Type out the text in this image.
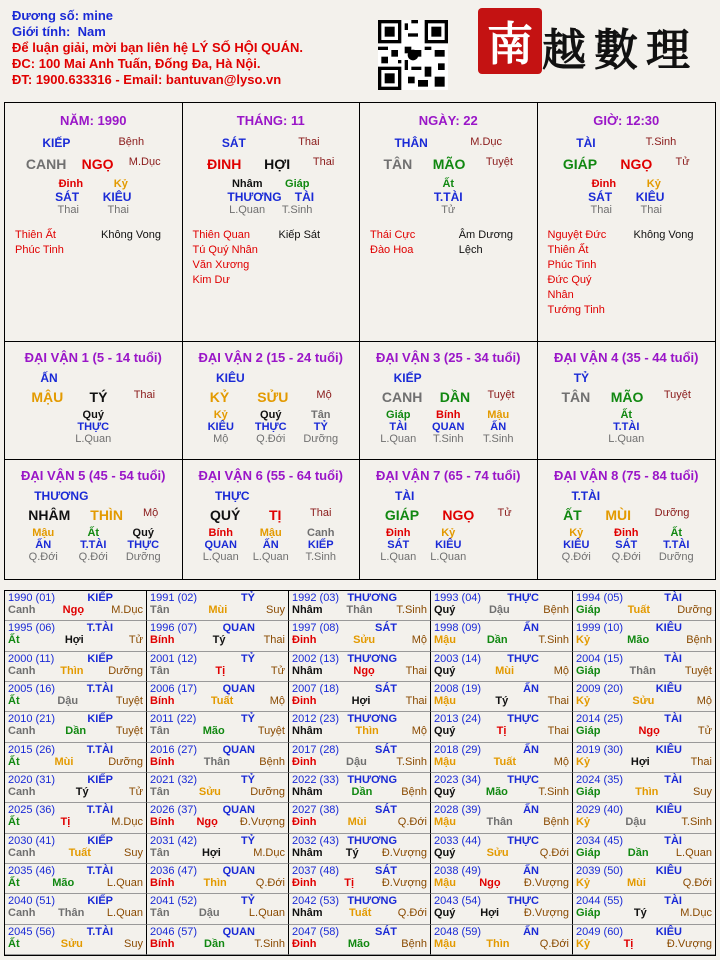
Đương số: mine
Giới tính: Nam
Để luận giải, mời bạn liên hệ LÝ SỐ HỘI QUÁN.
ĐC: 100 Mai Anh Tuấn, Đống Đa, Hà Nội.
ĐT: 1900.633316 - Email: bantuvan@lyso.vn
南 越數理
NĂM: 1990
KIẾP	Bệnh
CANH NGỌ M.Dục
Đinh	Kỷ
SÁT KIÊU
Thai	Thai
Thiên Ất
Phúc Tinh
Không Vong
THÁNG: 11
SÁT	Thai
ĐINH HỢI Thai
Nhâm Giáp
THƯƠNG TÀI
L.Quan T.Sinh
Thiên Quan
Tú Quý Nhân
Văn Xương
Kim Dư
Kiếp Sát
NGÀY: 22
THÂN	M.Dục
TÂN MÃO Tuyệt
Ất
T.TÀI
Tử
Thái Cực
Đào Hoa
Âm Dương Lệch
GIỜ: 12:30
TÀI	T.Sinh
GIÁP NGỌ Tử
Đinh	Kỷ
SÁT KIÊU
Thai	Thai
Nguyệt Đức
Thiên Ất
Phúc Tinh
Đức Quý Nhân
Tướng Tinh
Không Vong
ĐẠI VẬN 1 (5 - 14 tuổi)
ẤN
MẬU TÝ Thai
Quý
THỰC
L.Quan
ĐẠI VẬN 2 (15 - 24 tuổi)
KIÊU
KỶ SỬU	Mộ
Kỷ	Quý	Tân
KIÊU	THỰC	TỶ
Mộ	Q.Đới	Dưỡng
ĐẠI VẬN 3 (25 - 34 tuổi)
KIẾP
CANH DẦN Tuyệt
Giáp	Bính	Mậu
TÀI	QUAN	ẤN
L.Quan	T.Sinh	T.Sinh
ĐẠI VẬN 4 (35 - 44 tuổi)
TỶ
TÂN MÃO Tuyệt
Ất
T.TÀI
L.Quan
ĐẠI VẬN 5 (45 - 54 tuổi)
THƯƠNG
NHÂM THÌN Mộ
Mậu	Ất	Quý
ẤN	T.TÀI	THỰC
Q.Đới	Q.Đới	Dưỡng
ĐẠI VẬN 6 (55 - 64 tuổi)
THỰC
QUÝ TỊ	Thai
Bính	Mậu	Canh
QUAN	ẤN	KIẾP
L.Quan L.Quan	T.Sinh
ĐẠI VẬN 7 (65 - 74 tuổi)
TÀI
GIÁP NGỌ Tử
Đinh	Kỷ
SÁT	KIÊU
L.Quan L.Quan
ĐẠI VẬN 8 (75 - 84 tuổi)
T.TÀI
ẤT MÙI Dưỡng
Kỷ	Đinh	Ất
KIÊU	SÁT	T.TÀI
Q.Đới	Q.Đới	Dưỡng
1990 (01)	KIẾP
Canh Ngọ M.Dục
1991 (02)	TỶ
Tân	Mùi	Suy
1992 (03) THƯƠNG
Nhâm Thân T.Sinh
1993 (04) THỰC
Quý	Dậu	Bệnh
1994 (05)	TÀI
Giáp Tuất Dưỡng
1995 (06)	T.TÀI
Ất	Hợi	Tử
1996 (07) QUAN
Bính	Tý	Thai
1997 (08)	SÁT
Đinh	Sửu	Mộ
1998 (09)	ẤN
Mậu	Dần	T.Sinh
1999 (10)	KIÊU
Kỷ	Mão	Bệnh
2000 (11)	KIẾP
Canh Thìn Dưỡng
2001 (12)	TỶ
Tân	Tị	Tử
2002 (13) THƯƠNG
Nhâm	Ngọ	Thai
2003 (14) THỰC
Quý	Mùi	Mộ
2004 (15)	TÀI
Giáp	Thân	Tuyệt
2005 (16)	T.TÀI
Ất	Dậu	Tuyệt
2006 (17) QUAN
Bính	Tuất	Mộ
2007 (18)	SÁT
Đinh	Hợi	Thai
2008 (19)	ẤN
Mậu	Tý	Thai
2009 (20)	KIÊU
Kỷ	Sửu	Mộ
2010 (21)	KIẾP
Canh	Dần	Tuyệt
2011 (22)	TỶ
Tân	Mão	Tuyệt
2012 (23) THƯƠNG
Nhâm	Thìn	Mộ
2013 (24) THỰC
Quý	Tị	Thai
2014 (25)	TÀI
Giáp	Ngọ	Tử
2015 (26)	T.TÀI
Ất	Mùi	Dưỡng
2016 (27) QUAN
Bính	Thân	Bệnh
2017 (28)	SÁT
Đinh	Dậu	T.Sinh
2018 (29)	ẤN
Mậu	Tuất	Mộ
2019 (30)	KIÊU
Kỷ	Hợi	Thai
2020 (31)	KIẾP
Canh	Tý	Tử
2021 (32)	TỶ
Tân	Sửu	Dưỡng
2022 (33) THƯƠNG
Nhâm	Dần	Bệnh
2023 (34) THỰC
Quý	Mão	T.Sinh
2024 (35)	TÀI
Giáp	Thìn	Suy
2025 (36)	T.TÀI
Ất	Tị	M.Dục
2026 (37) QUAN
Bính Ngọ Đ.Vượng
2027 (38)	SÁT
Đinh	Mùi	Q.Đới
2028 (39)	ẤN
Mậu	Thân	Bệnh
2029 (40)	KIÊU
Kỷ	Dậu	T.Sinh
2030 (41)	KIẾP
Canh	Tuất	Suy
2031 (42)	TỶ
Tân	Hợi	M.Dục
2032 (43) THƯƠNG
Nhâm Tý Đ.Vượng
2033 (44) THỰC
Quý	Sửu	Q.Đới
2034 (45)	TÀI
Giáp Dần L.Quan
2035 (46)	T.TÀI
Ất	Mão	L.Quan
2036 (47) QUAN
Bính	Thìn	Q.Đới
2037 (48)	SÁT
Đinh	Tị	Đ.Vượng
2038 (49)	ẤN
Mậu Ngọ Đ.Vượng
2039 (50)	KIÊU
Kỷ	Mùi	Q.Đới
2040 (51)	KIẾP
Canh Thân L.Quan
2041 (52)	TỶ
Tân	Dậu	L.Quan
2042 (53) THƯƠNG
Nhâm Tuất Q.Đới
2043 (54) THỰC
Quý Hợi Đ.Vượng
2044 (55)	TÀI
Giáp	Tý	M.Dục
2045 (56)	T.TÀI
Ất	Sửu	Suy
2046 (57) QUAN
Bính	Dần	T.Sinh
2047 (58)	SÁT
Đinh	Mão	Bệnh
2048 (59)	ẤN
Mậu	Thìn	Q.Đới
2049 (60)	KIÊU
Kỷ	Tị	Đ.Vượng
